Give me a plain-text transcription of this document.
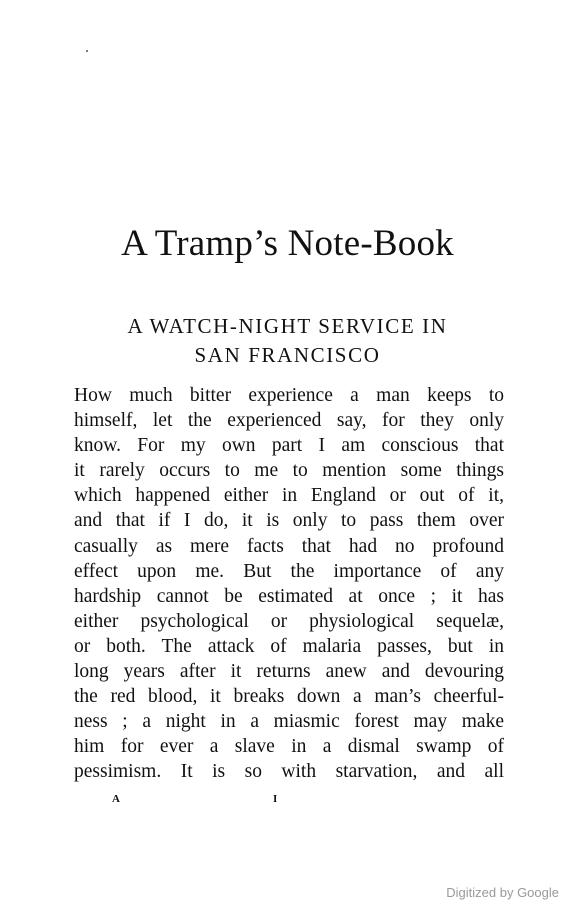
A Tramp’s Note-Book
A WATCH-NIGHT SERVICE IN
SAN FRANCISCO
How much bitter experience a man keeps to
himself, let the experienced say, for they only
know. For my own part I am conscious that
it rarely occurs to me to mention some things
which happened either in England or out of it,
and that if I do, it is only to pass them over
casually as mere facts that had no profound
effect upon me. But the importance of any
hardship cannot be estimated at once ; it has
either psychological or physiological sequelæ,
or both. The attack of malaria passes, but in
long years after it returns anew and devouring
the red blood, it breaks down a man’s cheerful-
ness ; a night in a miasmic forest may make
him for ever a slave in a dismal swamp of
pessimism. It is so with starvation, and all
A	I
Digitized by Google
